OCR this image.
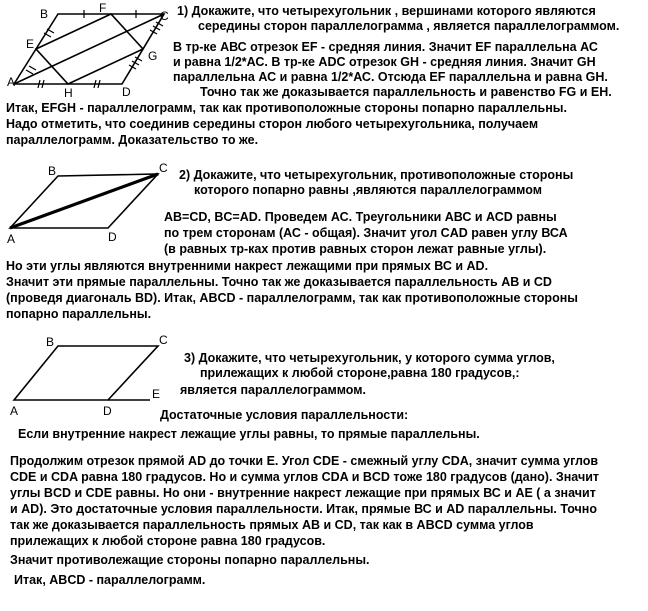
B	F
C
E
G
A
H	D

1) Докажите, что четырехугольник , вершинами которого являются

середины сторон параллелограмма , является параллелограммом.

В тр-ке АВС отрезок EF - средняя линия. Значит EF параллельна АС

и равна 1/2*АС. В тр-ке АDС отрезок GH - средняя линия. Значит GH

параллельна АС и равна 1/2*АС. Отсюда EF параллельна и равна GH.

Точно так же доказывается параллельность и равенство FG и EH.

Итак, EFGH - параллелограмм, так как противоположные стороны попарно параллельны.

Надо отметить, что соединив середины сторон любого четырехугольника, получаем

параллелограмм. Доказательство то же.

B	C
A	D

2) Докажите, что четырехугольник, противоположные стороны

которого попарно равны ,являются параллелограммом

AB=CD, BC=AD. Проведем АС. Треугольники АВС и АСD равны

по трем сторонам (АС - общая). Значит угол CAD равен углу ВСА

(в равных тр-ках против равных сторон лежат равные углы).

Но эти углы являются внутренними накрест лежащими при прямых ВС и AD.

Значит эти прямые параллельны. Точно так же доказывается параллельность АВ и CD

(проведя диагональ BD). Итак, ABCD - параллелограмм, так как противоположные стороны

попарно параллельны.

B	C
A	D
E

3) Докажите, что четырехугольник, у которого сумма углов,

прилежащих к любой стороне,равна 180 градусов,:

является параллелограммом.

Достаточные условия параллельности:

Если внутренние накрест лежащие углы равны, то прямые параллельны.

Продолжим отрезок прямой AD до точки Е. Угол CDE - смежный углу CDA, значит сумма углов

CDE и CDA равна 180 градусов. Но и сумма углов CDA и BCD тоже 180 градусов (дано). Значит

углы BCD и CDE равны. Но они - внутренние накрест лежащие при прямых ВС и АЕ ( а значит

и AD). Это достаточные условия параллельности. Итак, прямые ВС и AD параллельны. Точно

так же доказывается параллельность прямых АВ и CD, так как в ABCD сумма углов

прилежащих к любой стороне равна 180 градусов.

Значит противолежащие стороны попарно параллельны.

Итак, ABCD - параллелограмм.
